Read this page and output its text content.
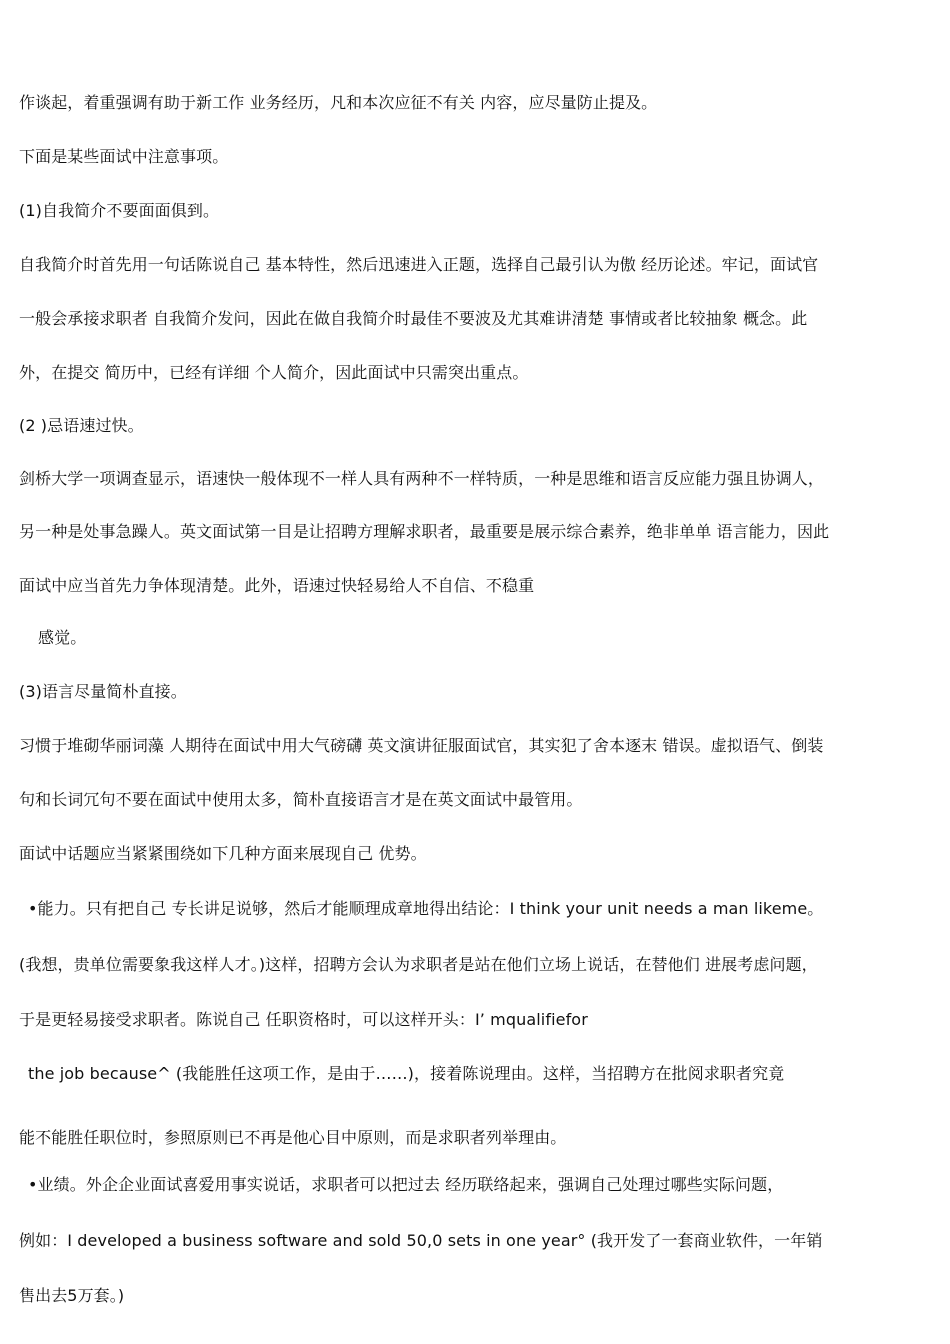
作谈起，着重强调有助于新工作 业务经历，凡和本次应征不有关 内容，应尽量防止提及。
下面是某些面试中注意事项。
(1)自我简介不要面面俱到。
自我简介时首先用一句话陈说自己 基本特性，然后迅速进入正题，选择自己最引认为傲 经历论述。牢记，面试官
一般会承接求职者 自我简介发问，因此在做自我简介时最佳不要波及尤其难讲清楚 事情或者比较抽象 概念。此
外，在提交 简历中，已经有详细 个人简介，因此面试中只需突出重点。
(2 )忌语速过快。
剑桥大学一项调查显示，语速快一般体现不一样人具有两种不一样特质，一种是思维和语言反应能力强且协调人，
另一种是处事急躁人。英文面试第一目是让招聘方理解求职者，最重要是展示综合素养，绝非单单 语言能力，因此
面试中应当首先力争体现清楚。此外，语速过快轻易给人不自信、不稳重
感觉。
(3)语言尽量简朴直接。
习惯于堆砌华丽词藻 人期待在面试中用大气磅礴 英文演讲征服面试官，其实犯了舍本逐末 错误。虚拟语气、倒装
句和长词冗句不要在面试中使用太多，简朴直接语言才是在英文面试中最管用。
面试中话题应当紧紧围绕如下几种方面来展现自己 优势。
•能力。只有把自己 专长讲足说够，然后才能顺理成章地得出结论：I think your unit needs a man likeme。
(我想，贵单位需要象我这样人才。)这样，招聘方会认为求职者是站在他们立场上说话，在替他们 进展考虑问题，
于是更轻易接受求职者。陈说自己 任职资格时，可以这样开头：I’ mqualifiefor
the job because^ (我能胜任这项工作，是由于……)，接着陈说理由。这样，当招聘方在批阅求职者究竟
能不能胜任职位时，参照原则已不再是他心目中原则，而是求职者列举理由。
•业绩。外企企业面试喜爱用事实说话，求职者可以把过去 经历联络起来，强调自己处理过哪些实际问题，
例如：I developed a business software and sold 50,0 sets in one year° (我开发了一套商业软件，一年销
售出去5万套。)
